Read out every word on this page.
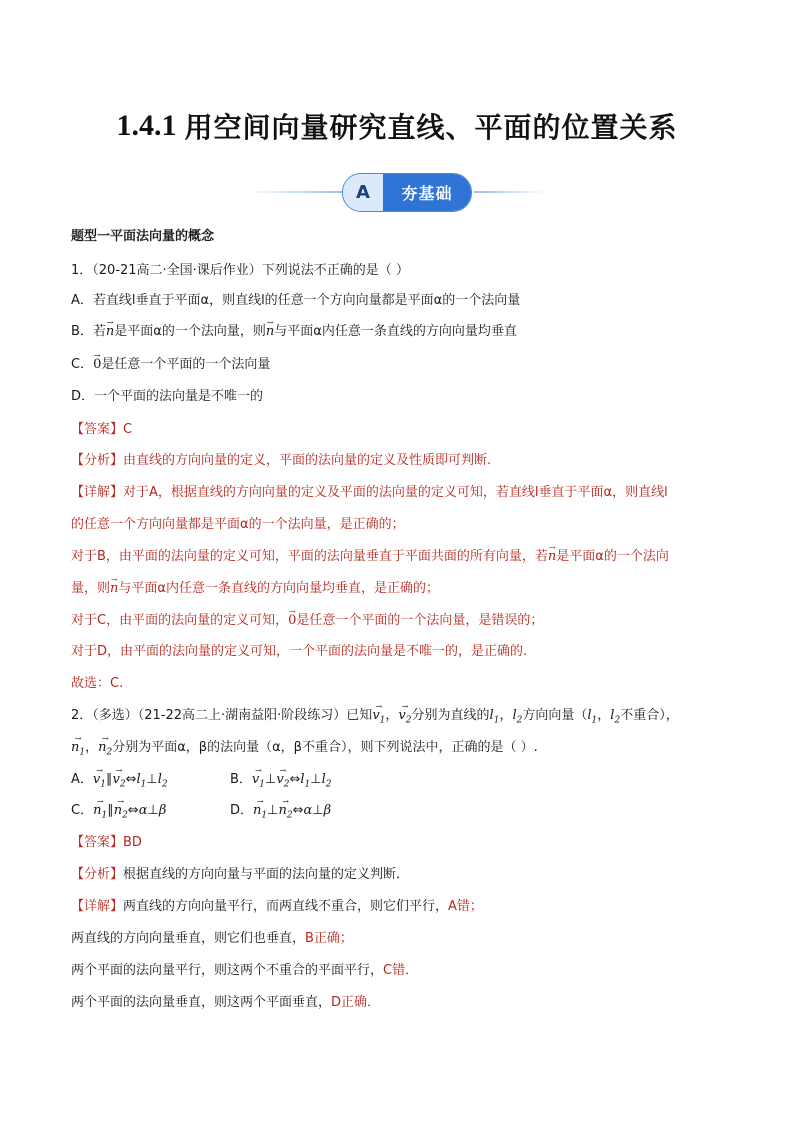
1.4.1 用空间向量研究直线、平面的位置关系
A	夯基础
题型一平面法向量的概念
1．（20-21高二·全国·课后作业）下列说法不正确的是（ ）
A．若直线l垂直于平面α，则直线l的任意一个方向向量都是平面α的一个法向量
B．若→ n是平面α的一个法向量，则→ n与平面α内任意一条直线的方向向量均垂直
C．→ 0是任意一个平面的一个法向量
D．一个平面的法向量是不唯一的
【答案】C
【分析】由直线的方向向量的定义，平面的法向量的定义及性质即可判断.
【详解】对于A，根据直线的方向向量的定义及平面的法向量的定义可知，若直线l垂直于平面α，则直线l
的任意一个方向向量都是平面α的一个法向量，是正确的；
对于B，由平面的法向量的定义可知，平面的法向量垂直于平面共面的所有向量，若→ n是平面α的一个法向
量，则→ n与平面α内任意一条直线的方向向量均垂直，是正确的；
对于C，由平面的法向量的定义可知，→ 0是任意一个平面的一个法向量，是错误的；
对于D，由平面的法向量的定义可知，一个平面的法向量是不唯一的，是正确的.
故选：C.
2．（多选）（21-22高二上·湖南益阳·阶段练习）已知→ $v_1$，→ $v_2$分别为直线的$l_1$，$l_2$方向向量（$l_1$，$l_2$不重合），
→ $n_1$，→ $n_2$分别为平面α，β的法向量（α，β不重合），则下列说法中，正确的是（ ）.
A．→ $v_1\parallel\to$ $v_2\Leftrightarrow l_1\perp l_2$	B．→ $v_1\perp\to$ $v_2\Leftrightarrow l_1\perp l_2$
C．→ $n_1\parallel\to$ $n_2\Leftrightarrow\alpha\perp\beta$	D．→ $n_1\perp\to$ $n_2\Leftrightarrow\alpha\perp\beta$
【答案】BD
【分析】根据直线的方向向量与平面的法向量的定义判断．
【详解】两直线的方向向量平行，而两直线不重合，则它们平行，A错；
两直线的方向向量垂直，则它们也垂直，B正确；
两个平面的法向量平行，则这两个不重合的平面平行，C错．
两个平面的法向量垂直，则这两个平面垂直，D正确．
